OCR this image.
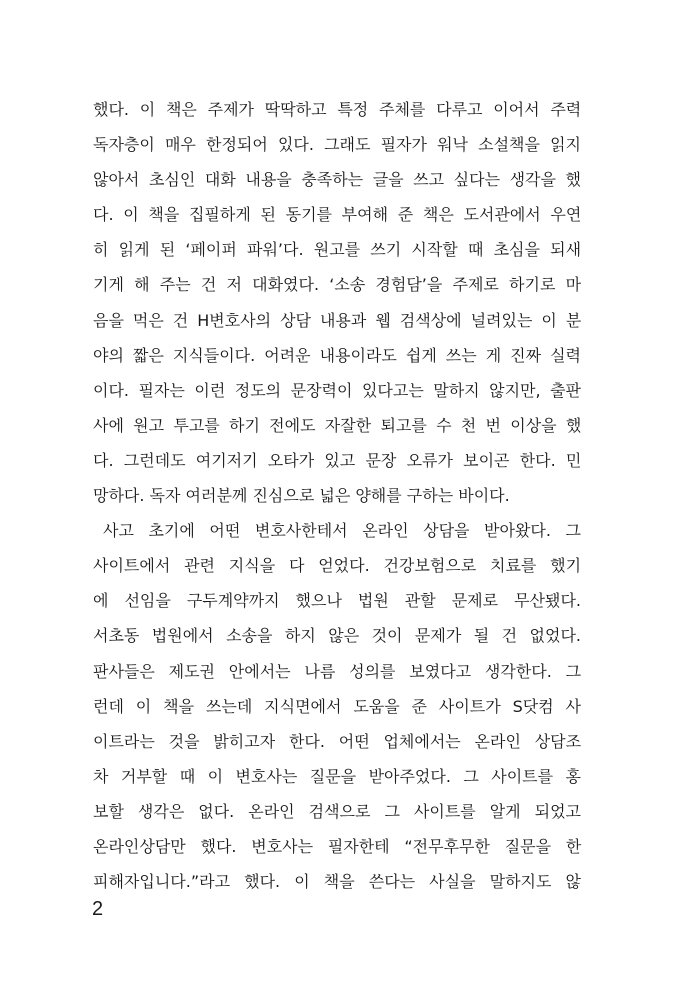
했다. 이 책은 주제가 딱딱하고 특정 주체를 다루고 이어서 주력
독자층이 매우 한정되어 있다. 그래도 필자가 워낙 소설책을 읽지
않아서 초심인 대화 내용을 충족하는 글을 쓰고 싶다는 생각을 했
다. 이 책을 집필하게 된 동기를 부여해 준 책은 도서관에서 우연
히 읽게 된 ‘페이퍼 파워’다. 원고를 쓰기 시작할 때 초심을 되새
기게 해 주는 건 저 대화였다. ‘소송 경험담’을 주제로 하기로 마
음을 먹은 건 H변호사의 상담 내용과 웹 검색상에 널려있는 이 분
야의 짧은 지식들이다. 어려운 내용이라도 쉽게 쓰는 게 진짜 실력
이다. 필자는 이런 정도의 문장력이 있다고는 말하지 않지만, 출판
사에 원고 투고를 하기 전에도 자잘한 퇴고를 수 천 번 이상을 했
다. 그런데도 여기저기 오타가 있고 문장 오류가 보이곤 한다. 민
망하다. 독자 여러분께 진심으로 넓은 양해를 구하는 바이다.
사고 초기에 어떤 변호사한테서 온라인 상담을 받아왔다. 그
사이트에서 관련 지식을 다 얻었다. 건강보험으로 치료를 했기
에 선임을 구두계약까지 했으나 법원 관할 문제로 무산됐다.
서초동 법원에서 소송을 하지 않은 것이 문제가 될 건 없었다.
판사들은 제도권 안에서는 나름 성의를 보였다고 생각한다. 그
런데 이 책을 쓰는데 지식면에서 도움을 준 사이트가 S닷컴 사
이트라는 것을 밝히고자 한다. 어떤 업체에서는 온라인 상담조
차 거부할 때 이 변호사는 질문을 받아주었다. 그 사이트를 홍
보할 생각은 없다. 온라인 검색으로 그 사이트를 알게 되었고
온라인상담만 했다. 변호사는 필자한테 “전무후무한 질문을 한
피해자입니다.”라고 했다. 이 책을 쓴다는 사실을 말하지도 않
2
